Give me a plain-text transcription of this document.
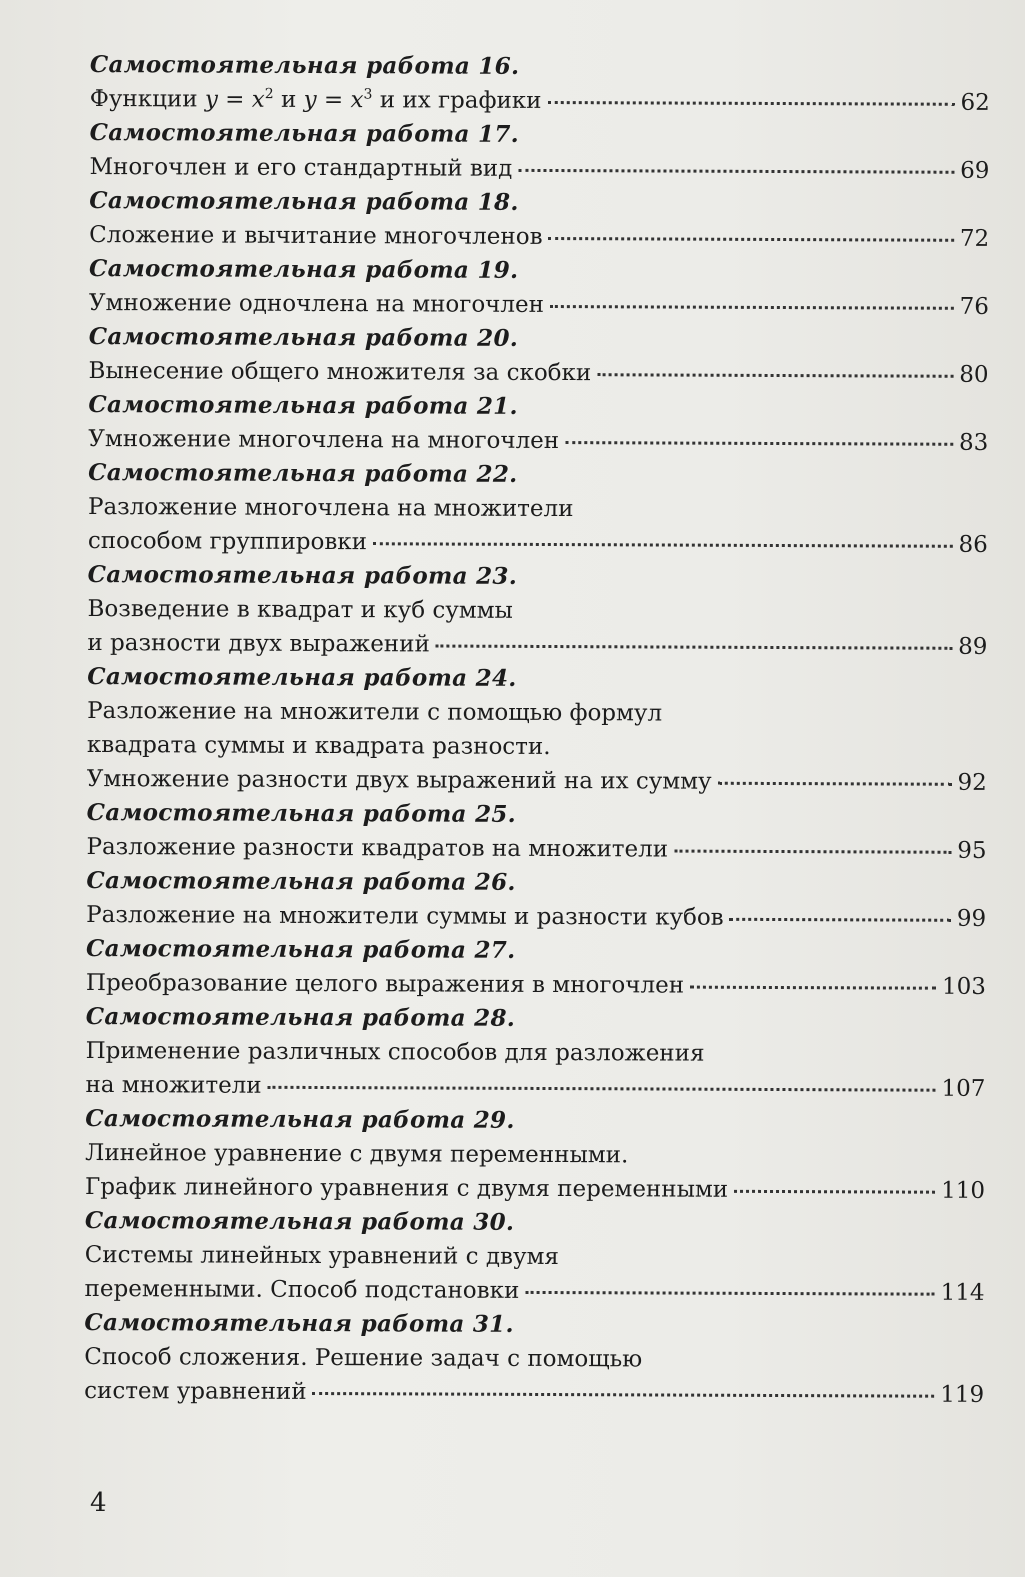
Самостоятельная работа 16.
Функции $y = x^2$ и $y = x^3$ и их графики	62
Самостоятельная работа 17.
Многочлен и его стандартный вид	69
Самостоятельная работа 18.
Сложение и вычитание многочленов	72
Самостоятельная работа 19.
Умножение одночлена на многочлен	76
Самостоятельная работа 20.
Вынесение общего множителя за скобки	80
Самостоятельная работа 21.
Умножение многочлена на многочлен	83
Самостоятельная работа 22.
Разложение многочлена на множители
способом группировки	86
Самостоятельная работа 23.
Возведение в квадрат и куб суммы
и разности двух выражений	89
Самостоятельная работа 24.
Разложение на множители с помощью формул
квадрата суммы и квадрата разности.
Умножение разности двух выражений на их сумму	92
Самостоятельная работа 25.
Разложение разности квадратов на множители	95
Самостоятельная работа 26.
Разложение на множители суммы и разности кубов	99
Самостоятельная работа 27.
Преобразование целого выражения в многочлен	103
Самостоятельная работа 28.
Применение различных способов для разложения
на множители	107
Самостоятельная работа 29.
Линейное уравнение с двумя переменными.
График линейного уравнения с двумя переменными	110
Самостоятельная работа 30.
Системы линейных уравнений с двумя
переменными. Способ подстановки	114
Самостоятельная работа 31.
Способ сложения. Решение задач с помощью
систем уравнений	119
4
